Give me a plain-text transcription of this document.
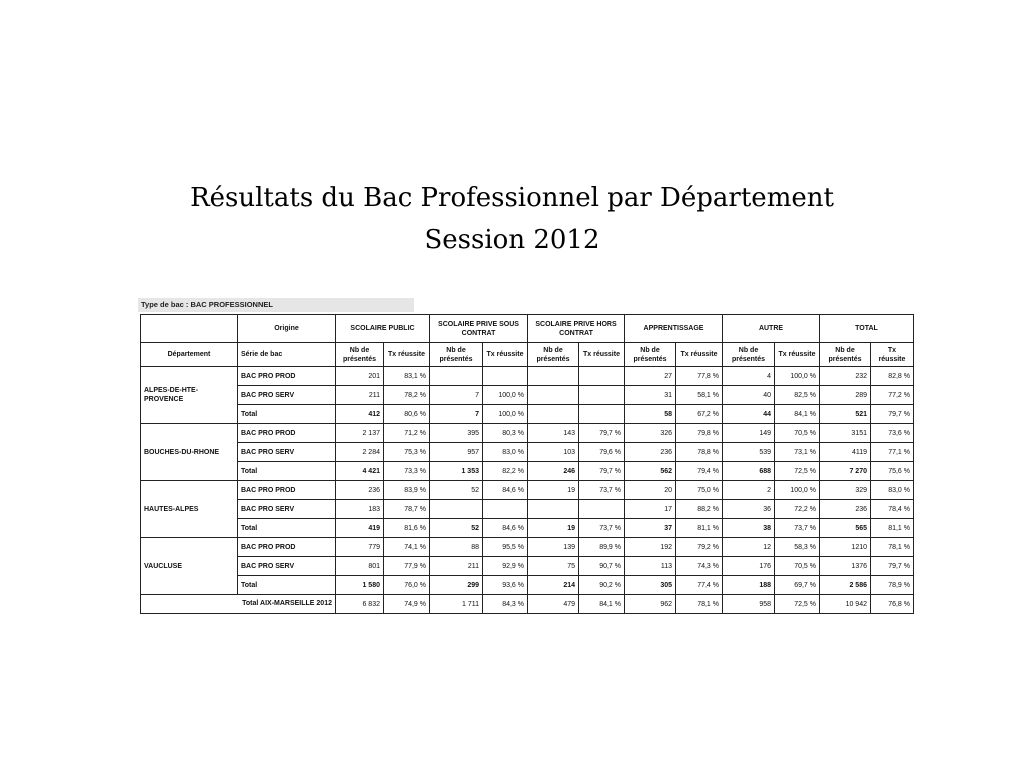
Résultats du Bac Professionnel par Département
Session 2012
Type de bac : BAC PROFESSIONNEL
	Origine	SCOLAIRE PUBLIC		SCOLAIRE PRIVE SOUS CONTRAT		SCOLAIRE PRIVE HORS CONTRAT		APPRENTISSAGE		AUTRE		TOTAL	
Département	Série de bac	Nb de présentés	Tx réussite	Nb de présentés	Tx réussite	Nb de présentés	Tx réussite	Nb de présentés	Tx réussite	Nb de présentés	Tx réussite	Nb de présentés	Tx réussite
ALPES-DE-HTE-PROVENCE	BAC PRO PROD	201	83,1 %					27	77,8 %	4	100,0 %	232	82,8 %
	BAC PRO SERV	211	78,2 %	7	100,0 %			31	58,1 %	40	82,5 %	289	77,2 %
	Total	412	80,6 %	7	100,0 %			58	67,2 %	44	84,1 %	521	79,7 %
BOUCHES-DU-RHONE	BAC PRO PROD	2 137	71,2 %	395	80,3 %	143	79,7 %	326	79,8 %	149	70,5 %	3151	73,6 %
	BAC PRO SERV	2 284	75,3 %	957	83,0 %	103	79,6 %	236	78,8 %	539	73,1 %	4119	77,1 %
	Total	4 421	73,3 %	1 353	82,2 %	246	79,7 %	562	79,4 %	688	72,5 %	7 270	75,6 %
HAUTES-ALPES	BAC PRO PROD	236	83,9 %	52	84,6 %	19	73,7 %	20	75,0 %	2	100,0 %	329	83,0 %
	BAC PRO SERV	183	78,7 %					17	88,2 %	36	72,2 %	236	78,4 %
	Total	419	81,6 %	52	84,6 %	19	73,7 %	37	81,1 %	38	73,7 %	565	81,1 %
VAUCLUSE	BAC PRO PROD	779	74,1 %	88	95,5 %	139	89,9 %	192	79,2 %	12	58,3 %	1210	78,1 %
	BAC PRO SERV	801	77,9 %	211	92,9 %	75	90,7 %	113	74,3 %	176	70,5 %	1376	79,7 %
	Total	1 580	76,0 %	299	93,6 %	214	90,2 %	305	77,4 %	188	69,7 %	2 586	78,9 %
Total AIX-MARSEILLE 2012		6 832	74,9 %	1 711	84,3 %	479	84,1 %	962	78,1 %	958	72,5 %	10 942	76,8 %
